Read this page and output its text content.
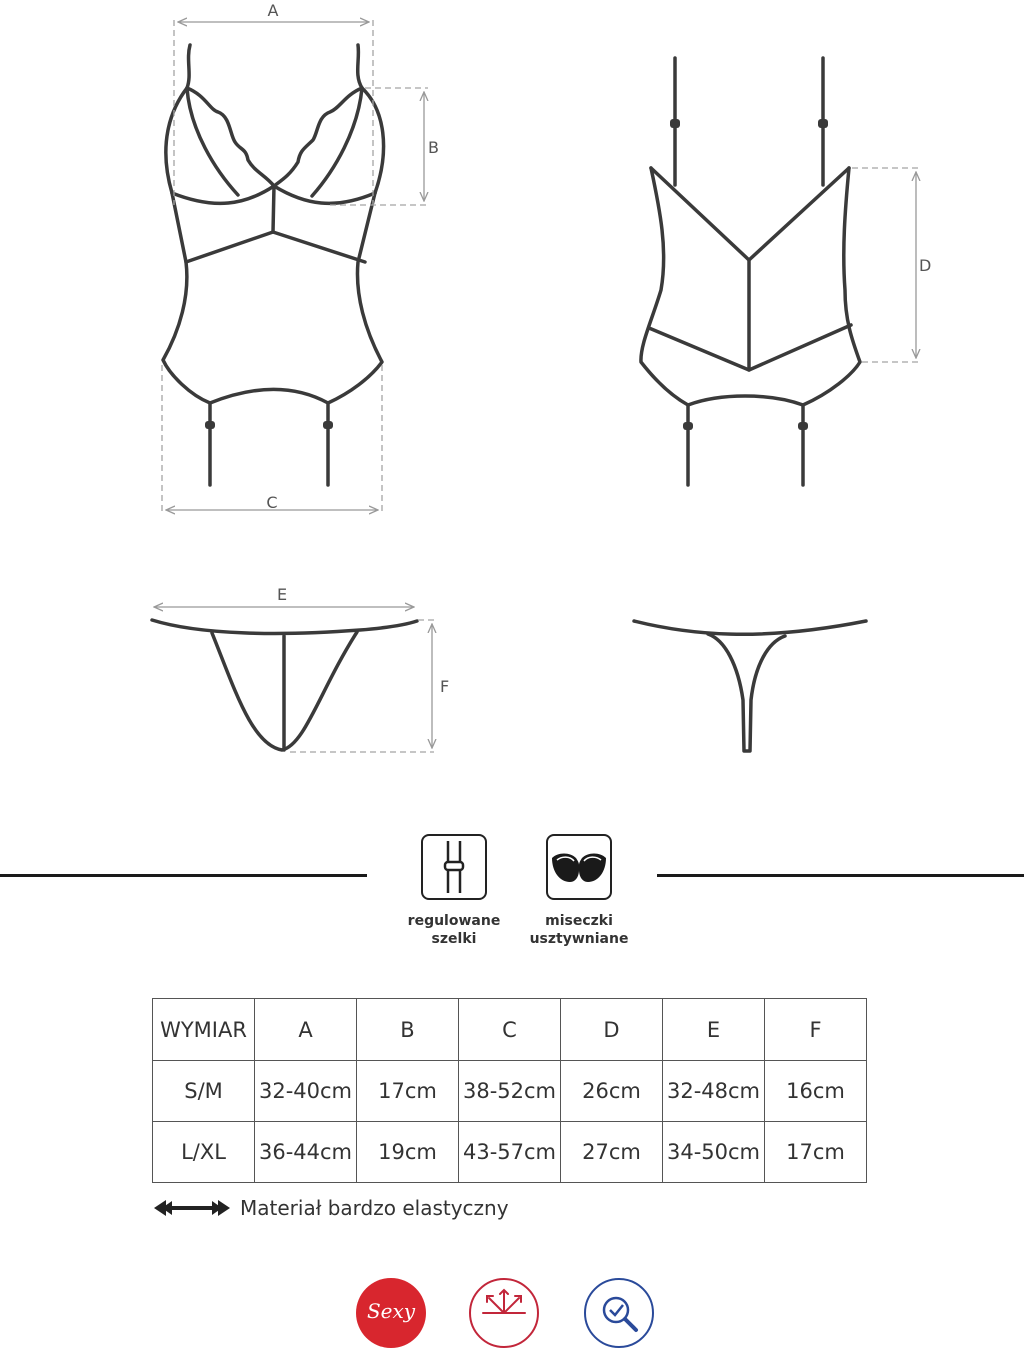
A
B
C
D
E
F
regulowane
szelki
miseczki
usztywniane
WYMIAR	A	B	C	D	E	F
S/M	32-40cm	17cm	38-52cm	26cm	32-48cm	16cm
L/XL	36-44cm	19cm	43-57cm	27cm	34-50cm	17cm
Materiał bardzo elastyczny
Sexy
